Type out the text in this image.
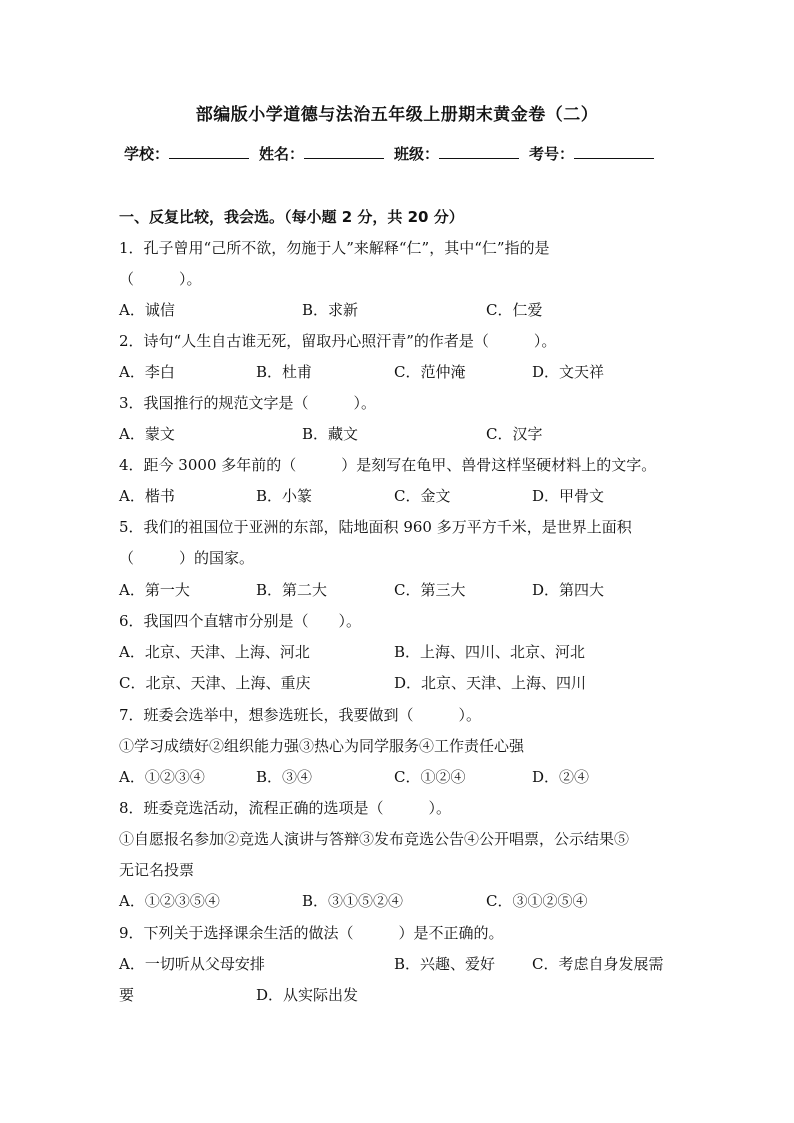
部编版小学道德与法治五年级上册期末黄金卷（二）
学校：	姓名：	班级：	考号：
一、反复比较，我会选。（每小题 2 分，共 20 分）
1．孔子曾用“己所不欲，勿施于人”来解释“仁”，其中“仁”指的是
（　　　）。
A．诚信	B．求新	C．仁爱
2．诗句“人生自古谁无死，留取丹心照汗青”的作者是（　　　）。
A．李白	B．杜甫	C．范仲淹	D．文天祥
3．我国推行的规范文字是（　　　）。
A．蒙文	B．藏文	C．汉字
4．距今 3000 多年前的（　　　）是刻写在龟甲、兽骨这样坚硬材料上的文字。
A．楷书	B．小篆	C．金文	D．甲骨文
5．我们的祖国位于亚洲的东部，陆地面积 960 多万平方千米，是世界上面积
（　　　）的国家。
A．第一大	B．第二大	C．第三大	D．第四大
6．我国四个直辖市分别是（　　）。
A．北京、天津、上海、河北	B．上海、四川、北京、河北
C．北京、天津、上海、重庆	D．北京、天津、上海、四川
7．班委会选举中，想参选班长，我要做到（　　　）。
①学习成绩好②组织能力强③热心为同学服务④工作责任心强
A．①②③④	B．③④	C．①②④	D．②④
8．班委竞选活动，流程正确的选项是（　　　）。
①自愿报名参加②竞选人演讲与答辩③发布竞选公告④公开唱票，公示结果⑤
无记名投票
A．①②③⑤④	B．③①⑤②④	C．③①②⑤④
9．下列关于选择课余生活的做法（　　　）是不正确的。
A．一切听从父母安排	B．兴趣、爱好 C．考虑自身发展需
要	D．从实际出发
